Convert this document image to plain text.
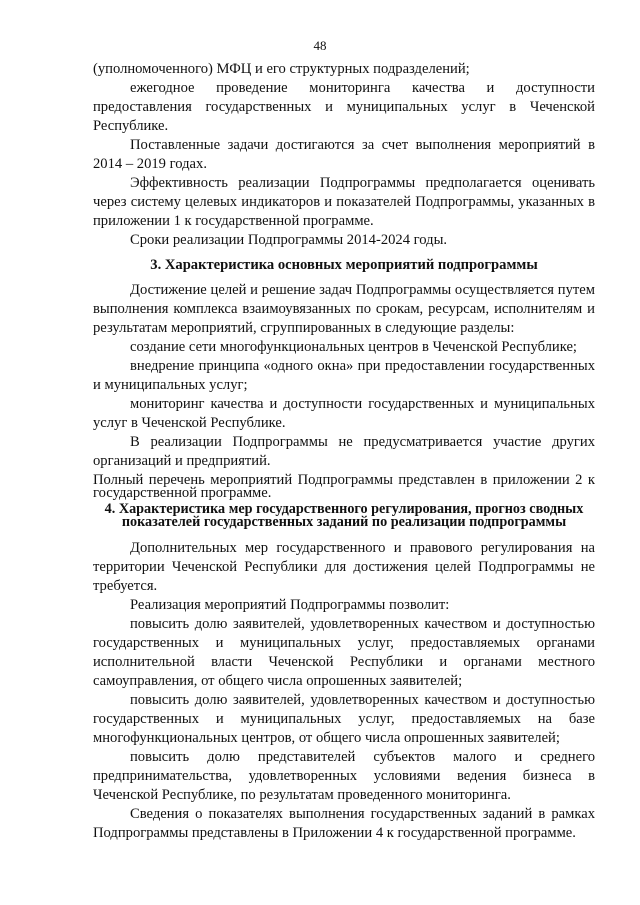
48

(уполномоченного) МФЦ и его структурных подразделений;

ежегодное проведение мониторинга качества и доступности предоставления государственных и муниципальных услуг в Чеченской Республике.

Поставленные задачи достигаются за счет выполнения мероприятий в 2014 – 2019 годах.

Эффективность реализации Подпрограммы предполагается оценивать через систему целевых индикаторов и показателей Подпрограммы, указанных в приложении 1 к государственной программе.

Сроки реализации Подпрограммы 2014-2024 годы.

3. Характеристика основных мероприятий подпрограммы

Достижение целей и решение задач Подпрограммы осуществляется путем выполнения комплекса взаимоувязанных по срокам, ресурсам, исполнителям и результатам мероприятий, сгруппированных в следующие разделы:

создание сети многофункциональных центров в Чеченской Республике;

внедрение принципа «одного окна» при предоставлении государственных и муниципальных услуг;

мониторинг качества и доступности государственных и муниципальных услуг в Чеченской Республике.

В реализации Подпрограммы не предусматривается участие других организаций и предприятий.

Полный перечень мероприятий Подпрограммы представлен в приложении 2 к государственной программе.

4. Характеристика мер государственного регулирования, прогноз сводных показателей государственных заданий по реализации подпрограммы

Дополнительных мер государственного и правового регулирования на территории Чеченской Республики для достижения целей Подпрограммы не требуется.

Реализация мероприятий Подпрограммы позволит:

повысить долю заявителей, удовлетворенных качеством и доступностью государственных и муниципальных услуг, предоставляемых органами исполнительной власти Чеченской Республики и органами местного самоуправления, от общего числа опрошенных заявителей;

повысить долю заявителей, удовлетворенных качеством и доступностью государственных и муниципальных услуг, предоставляемых на базе многофункциональных центров, от общего числа опрошенных заявителей;

повысить долю представителей субъектов малого и среднего предпринимательства, удовлетворенных условиями ведения бизнеса в Чеченской Республике, по результатам проведенного мониторинга.

Сведения о показателях выполнения государственных заданий в рамках Подпрограммы представлены в Приложении 4 к государственной программе.
